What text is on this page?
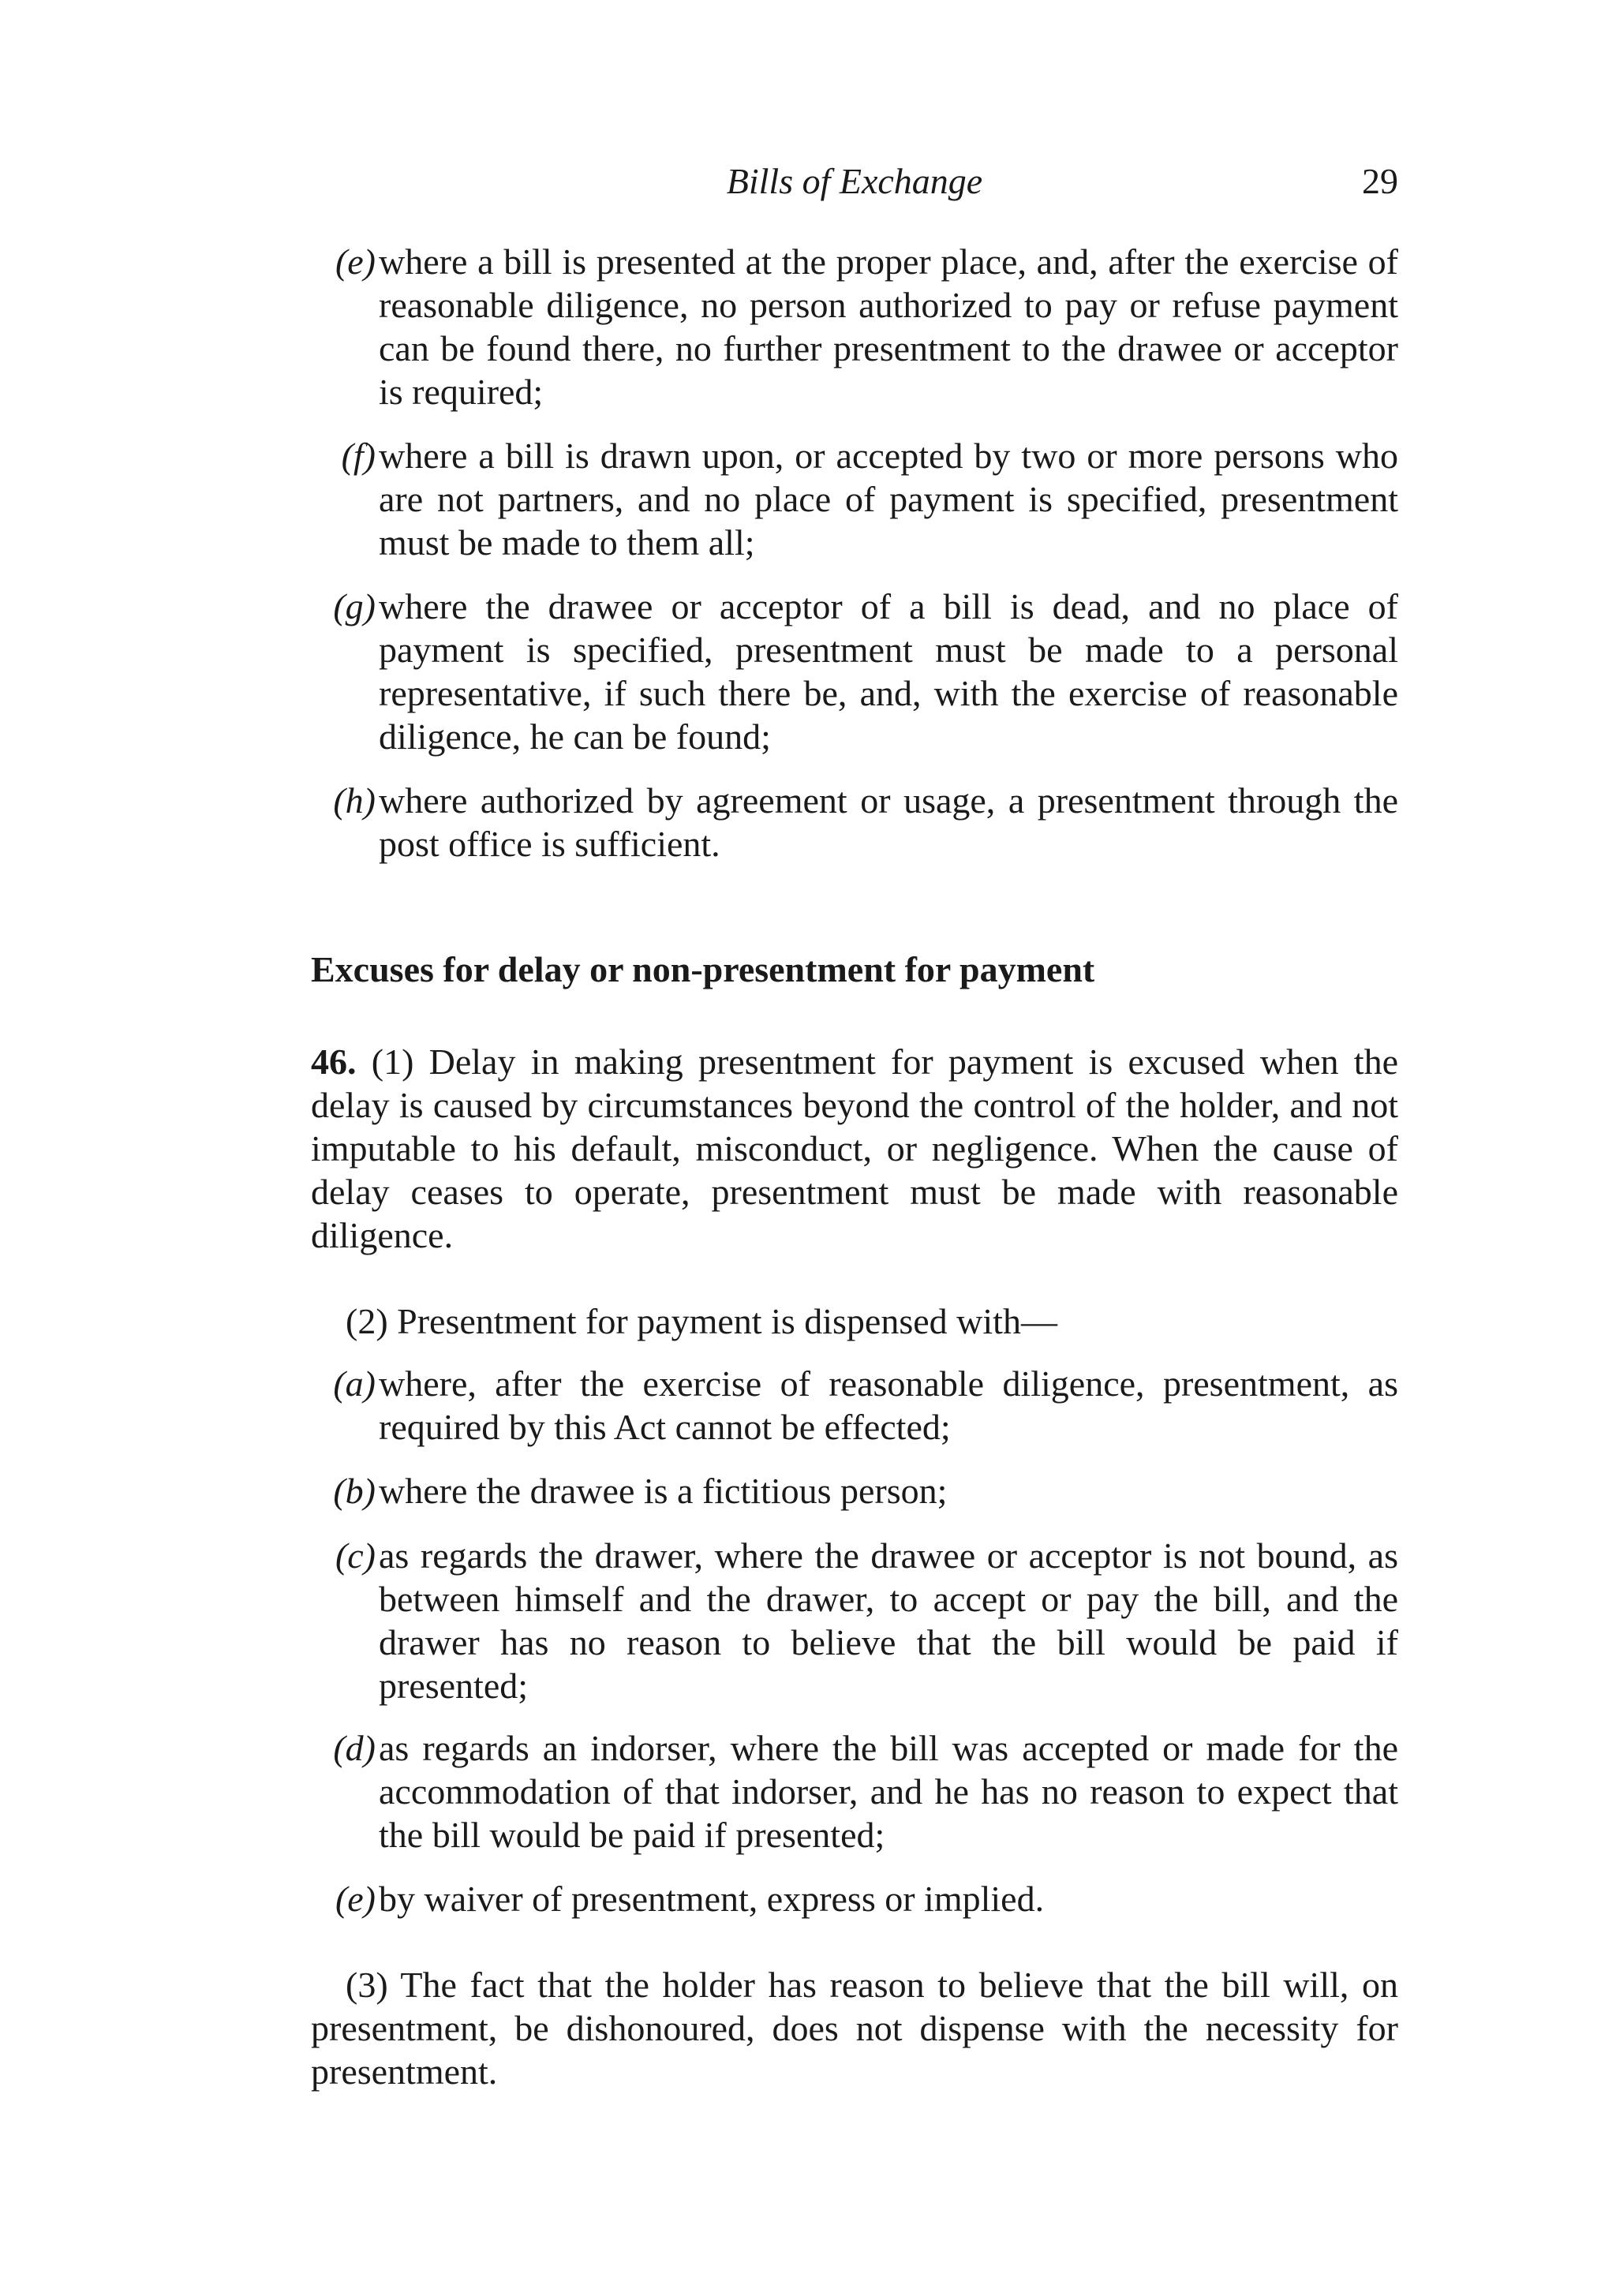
Bills of Exchange	29
(e) where a bill is presented at the proper place, and, after the exercise of reasonable diligence, no person authorized to pay or refuse payment can be found there, no further presentment to the drawee or acceptor is required;
(f) where a bill is drawn upon, or accepted by two or more persons who are not partners, and no place of payment is specified, presentment must be made to them all;
(g) where the drawee or acceptor of a bill is dead, and no place of payment is specified, presentment must be made to a personal representative, if such there be, and, with the exercise of reasonable diligence, he can be found;
(h) where authorized by agreement or usage, a presentment through the post office is sufficient.
Excuses for delay or non-presentment for payment
46. (1) Delay in making presentment for payment is excused when the delay is caused by circumstances beyond the control of the holder, and not imputable to his default, misconduct, or negligence. When the cause of delay ceases to operate, presentment must be made with reasonable diligence.
(2) Presentment for payment is dispensed with—
(a) where, after the exercise of reasonable diligence, presentment, as required by this Act cannot be effected;
(b) where the drawee is a fictitious person;
(c) as regards the drawer, where the drawee or acceptor is not bound, as between himself and the drawer, to accept or pay the bill, and the drawer has no reason to believe that the bill would be paid if presented;
(d) as regards an indorser, where the bill was accepted or made for the accommodation of that indorser, and he has no reason to expect that the bill would be paid if presented;
(e) by waiver of presentment, express or implied.
(3) The fact that the holder has reason to believe that the bill will, on presentment, be dishonoured, does not dispense with the necessity for presentment.
